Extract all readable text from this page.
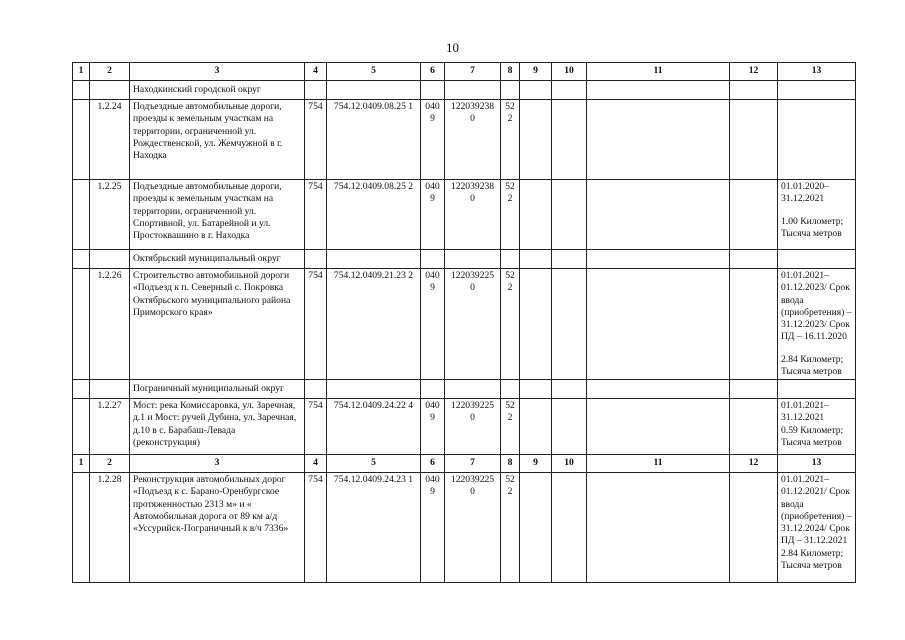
10
1	2	3	4	5	6	7	8	9	10	11	12	13
		Находкинский городской округ										
	1.2.24	Подъездные автомобильные дороги, проезды к земельным участкам на территории, ограниченной ул. Рождественской, ул. Жемчужной в г. Находка	754	754.12.0409.08.25 1	040 9	122039238 0	52 2					
	1.2.25	Подъездные автомобильные дороги, проезды к земельным участкам на территории, ограниченной ул. Спортивной, ул. Батарейной и ул. Простоквашино в г. Находка	754	754.12.0409.08.25 2	040 9	122039238 0	52 2					01.01.2020– 31.12.2021
1.00 Километр; Тысяча метров

		Октябрьский муниципальный округ										
	1.2.26	Строительство автомобильной дороги «Подъезд к п. Северный с. Покровка Октябрьского муниципального района Приморского края»	754	754.12.0409.21.23 2	040 9	122039225 0	52 2					01.01.2021– 01.12.2023/ Срок ввода (приобретения) – 31.12.2023/ Срок ПД – 16.11.2020
2.84 Километр; Тысяча метров

		Пограничный муниципальный округ										
	1.2.27	Мост: река Комиссаровка, ул. Заречная, д.1 и Мост: ручей Дубина, ул. Заречная, д.10 в с. Барабаш-Левада (реконструкция)	754	754.12.0409.24.22 4	040 9	122039225 0	52 2					01.01.2021– 31.12.2021
0.59 Километр; Тысяча метров

1	2	3	4	5	6	7	8	9	10	11	12	13
	1.2.28	Реконструкция автомобильных дорог «Подъезд к с. Барано-Оренбургское протяженностью 2313 м» и « Автомобильная дорога от 89 км а/д «Уссурийск-Пограничный к в/ч 7336»	754	754.12.0409.24.23 1	040 9	122039225 0	52 2					01.01.2021– 01.12.2021/ Срок ввода (приобретения) – 31.12.2024/ Срок ПД – 31.12.2021
2.84 Километр; Тысяча метров
